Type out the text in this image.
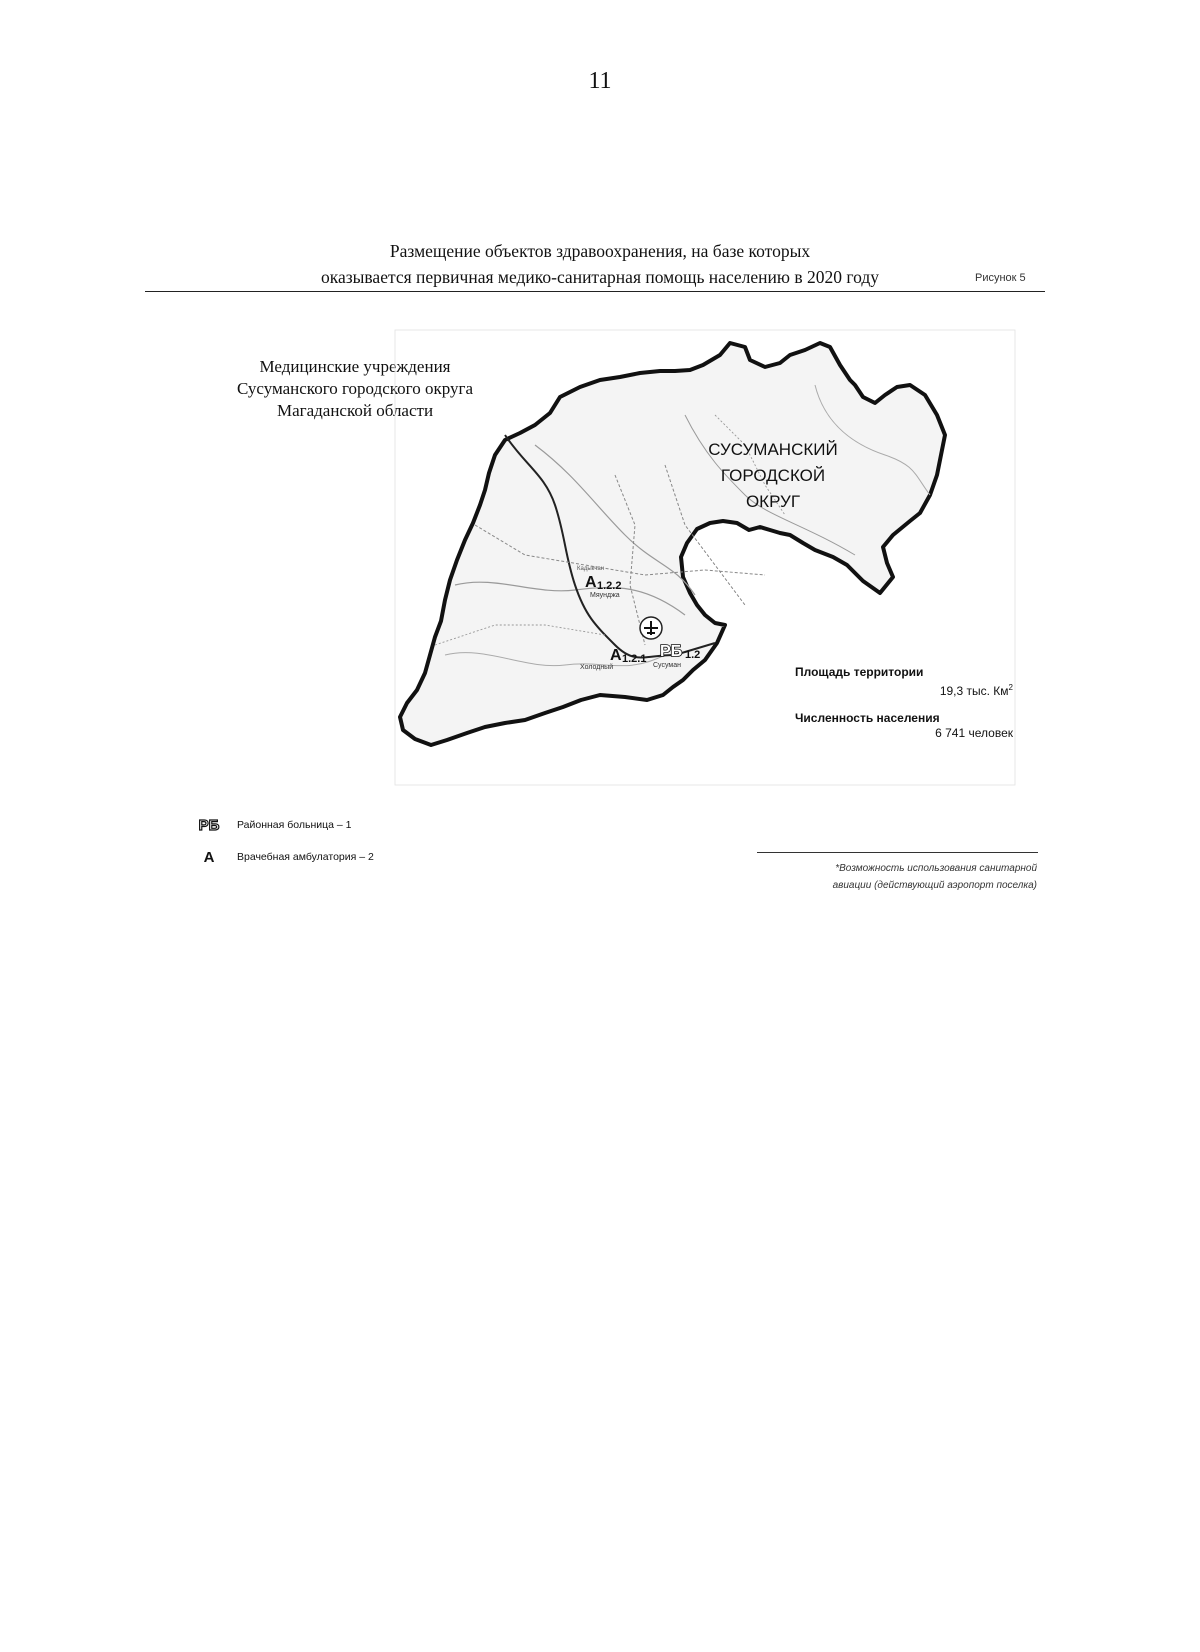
11
Размещение объектов здравоохранения, на базе которых
оказывается первичная медико-санитарная помощь населению в 2020 году	Рисунок 5
Медицинские учреждения
Сусуманского городского округа
Магаданской области
СУСУМАНСКИЙ
ГОРОДСКОЙ
ОКРУГ
Мяунджа
Холодный	Сусуман
Кадыкчан
A 1.2.2
A 1.2.1 РБ 1.2
Площадь территории
19,3 тыс. $Км^2$
Численность населения
6 741 человек
РБ Районная больница – 1
A Врачебная амбулатория – 2
*Возможность использования санитарной
авиации (действующий аэропорт поселка)
